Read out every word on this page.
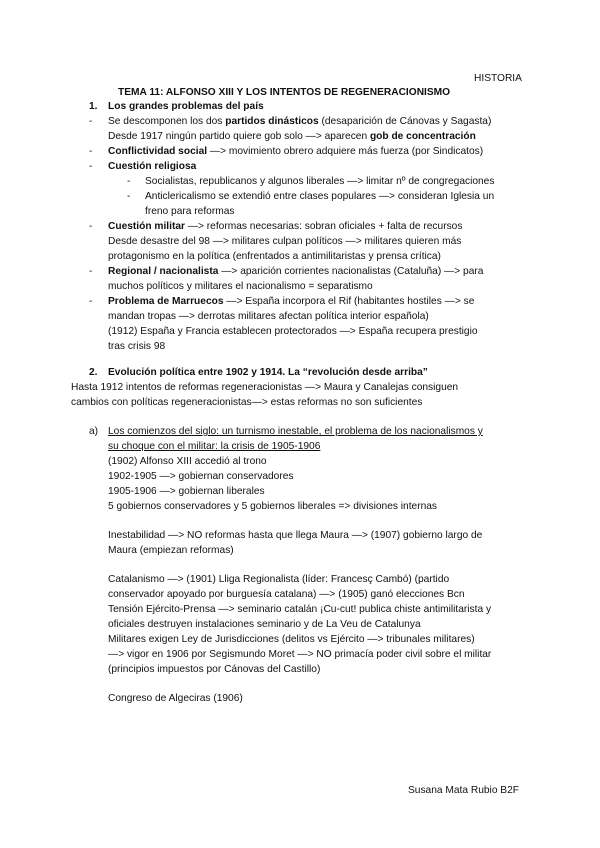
HISTORIA
TEMA 11: ALFONSO XIII Y LOS INTENTOS DE REGENERACIONISMO
1. Los grandes problemas del país
- Se descomponen los dos partidos dinásticos (desaparición de Cánovas y Sagasta)
Desde 1917 ningún partido quiere gob solo —> aparecen gob de concentración
- Conflictividad social —> movimiento obrero adquiere más fuerza (por Sindicatos)
- Cuestión religiosa
- Socialistas, republicanos y algunos liberales —> limitar nº de congregaciones
- Anticlericalismo se extendió entre clases populares —> consideran Iglesia un
freno para reformas
- Cuestión militar —> reformas necesarias: sobran oficiales + falta de recursos
Desde desastre del 98 —> militares culpan políticos —> militares quieren más
protagonismo en la política (enfrentados a antimilitaristas y prensa crítica)
- Regional / nacionalista —> aparición corrientes nacionalistas (Cataluña) —> para
muchos políticos y militares el nacionalismo = separatismo
- Problema de Marruecos —> España incorpora el Rif (habitantes hostiles —> se
mandan tropas —> derrotas militares afectan política interior española)
(1912) España y Francia establecen protectorados —> España recupera prestigio
tras crisis 98
2. Evolución política entre 1902 y 1914. La “revolución desde arriba”
Hasta 1912 intentos de reformas regeneracionistas —> Maura y Canalejas consiguen
cambios con políticas regeneracionistas—> estas reformas no son suficientes
a) Los comienzos del siglo: un turnismo inestable, el problema de los nacionalismos y
su choque con el militar: la crisis de 1905-1906
(1902) Alfonso XIII accedió al trono
1902-1905 —> gobiernan conservadores
1905-1906 —> gobiernan liberales
5 gobiernos conservadores y 5 gobiernos liberales => divisiones internas
Inestabilidad —> NO reformas hasta que llega Maura —> (1907) gobierno largo de
Maura (empiezan reformas)
Catalanismo —> (1901) Lliga Regionalista (líder: Francesç Cambó) (partido
conservador apoyado por burguesía catalana) —> (1905) ganó elecciones Bcn
Tensión Ejército-Prensa —> seminario catalán ¡Cu-cut! publica chiste antimilitarista y
oficiales destruyen instalaciones seminario y de La Veu de Catalunya
Militares exigen Ley de Jurisdicciones (delitos vs Ejército —> tribunales militares)
—> vigor en 1906 por Segismundo Moret —> NO primacía poder civil sobre el militar
(principios impuestos por Cánovas del Castillo)
Congreso de Algeciras (1906)
Susana Mata Rubio B2F
